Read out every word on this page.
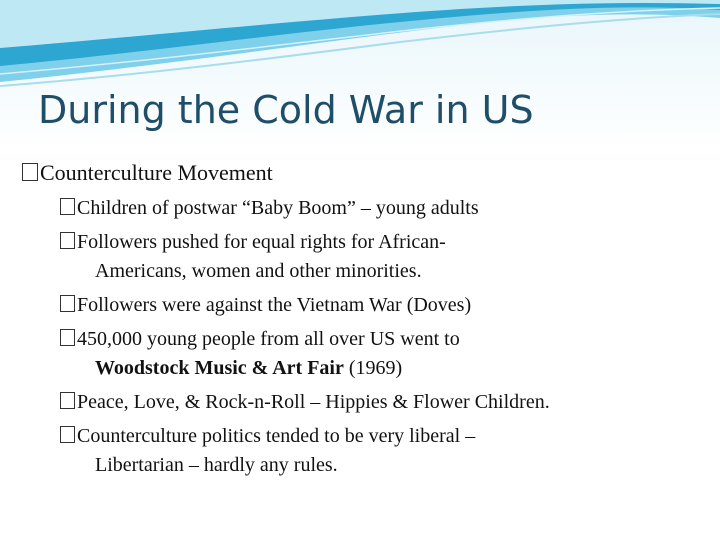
During the Cold War in US
Counterculture Movement
Children of postwar “Baby Boom” – young adults
Followers pushed for equal rights for African-
Americans, women and other minorities.
Followers were against the Vietnam War (Doves)
450,000 young people from all over US went to
Woodstock Music & Art Fair (1969)
Peace, Love, & Rock-n-Roll – Hippies & Flower Children.
Counterculture politics tended to be very liberal –
Libertarian – hardly any rules.
